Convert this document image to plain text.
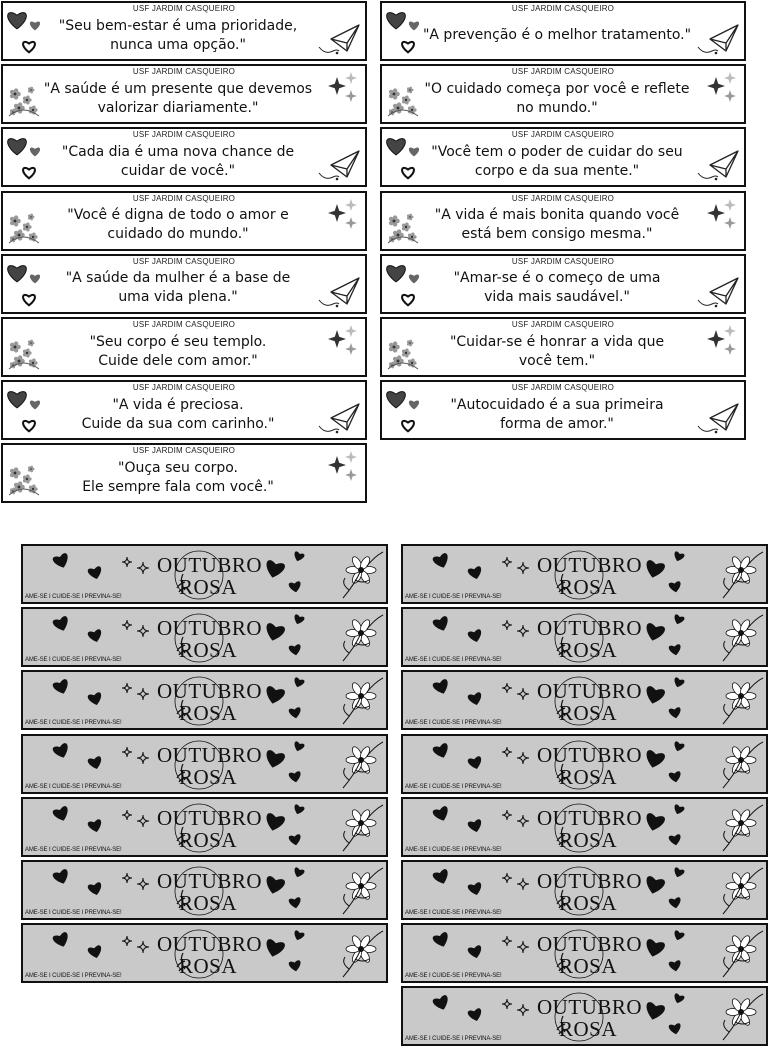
USF JARDIM CASQUEIRO
"Seu bem-estar é uma prioridade,
nunca uma opção."
USF JARDIM CASQUEIRO
"A prevenção é o melhor tratamento."
USF JARDIM CASQUEIRO
"A saúde é um presente que devemos
valorizar diariamente."
USF JARDIM CASQUEIRO
"O cuidado começa por você e reflete
no mundo."
USF JARDIM CASQUEIRO
"Cada dia é uma nova chance de
cuidar de você."
USF JARDIM CASQUEIRO
"Você tem o poder de cuidar do seu
corpo e da sua mente."
USF JARDIM CASQUEIRO
"Você é digna de todo o amor e
cuidado do mundo."
USF JARDIM CASQUEIRO
"A vida é mais bonita quando você
está bem consigo mesma."
USF JARDIM CASQUEIRO
"A saúde da mulher é a base de
uma vida plena."
USF JARDIM CASQUEIRO
"Amar-se é o começo de uma
vida mais saudável."
USF JARDIM CASQUEIRO
"Seu corpo é seu templo.
Cuide dele com amor."
USF JARDIM CASQUEIRO
"Cuidar-se é honrar a vida que
você tem."
USF JARDIM CASQUEIRO
"A vida é preciosa.
Cuide da sua com carinho."
USF JARDIM CASQUEIRO
"Autocuidado é a sua primeira
forma de amor."
USF JARDIM CASQUEIRO
"Ouça seu corpo.
Ele sempre fala com você."
OUTUBRO
ROSA
AME-SE I CUIDE-SE I PREVINA-SE!
OUTUBRO
ROSA
AME-SE I CUIDE-SE I PREVINA-SE!
OUTUBRO
ROSA
AME-SE I CUIDE-SE I PREVINA-SE!
OUTUBRO
ROSA
AME-SE I CUIDE-SE I PREVINA-SE!
OUTUBRO
ROSA
AME-SE I CUIDE-SE I PREVINA-SE!
OUTUBRO
ROSA
AME-SE I CUIDE-SE I PREVINA-SE!
OUTUBRO
ROSA
AME-SE I CUIDE-SE I PREVINA-SE!
OUTUBRO
ROSA
AME-SE I CUIDE-SE I PREVINA-SE!
OUTUBRO
ROSA
AME-SE I CUIDE-SE I PREVINA-SE!
OUTUBRO
ROSA
AME-SE I CUIDE-SE I PREVINA-SE!
OUTUBRO
ROSA
AME-SE I CUIDE-SE I PREVINA-SE!
OUTUBRO
ROSA
AME-SE I CUIDE-SE I PREVINA-SE!
OUTUBRO
ROSA
AME-SE I CUIDE-SE I PREVINA-SE!
OUTUBRO
ROSA
AME-SE I CUIDE-SE I PREVINA-SE!
OUTUBRO
ROSA
AME-SE I CUIDE-SE I PREVINA-SE!
